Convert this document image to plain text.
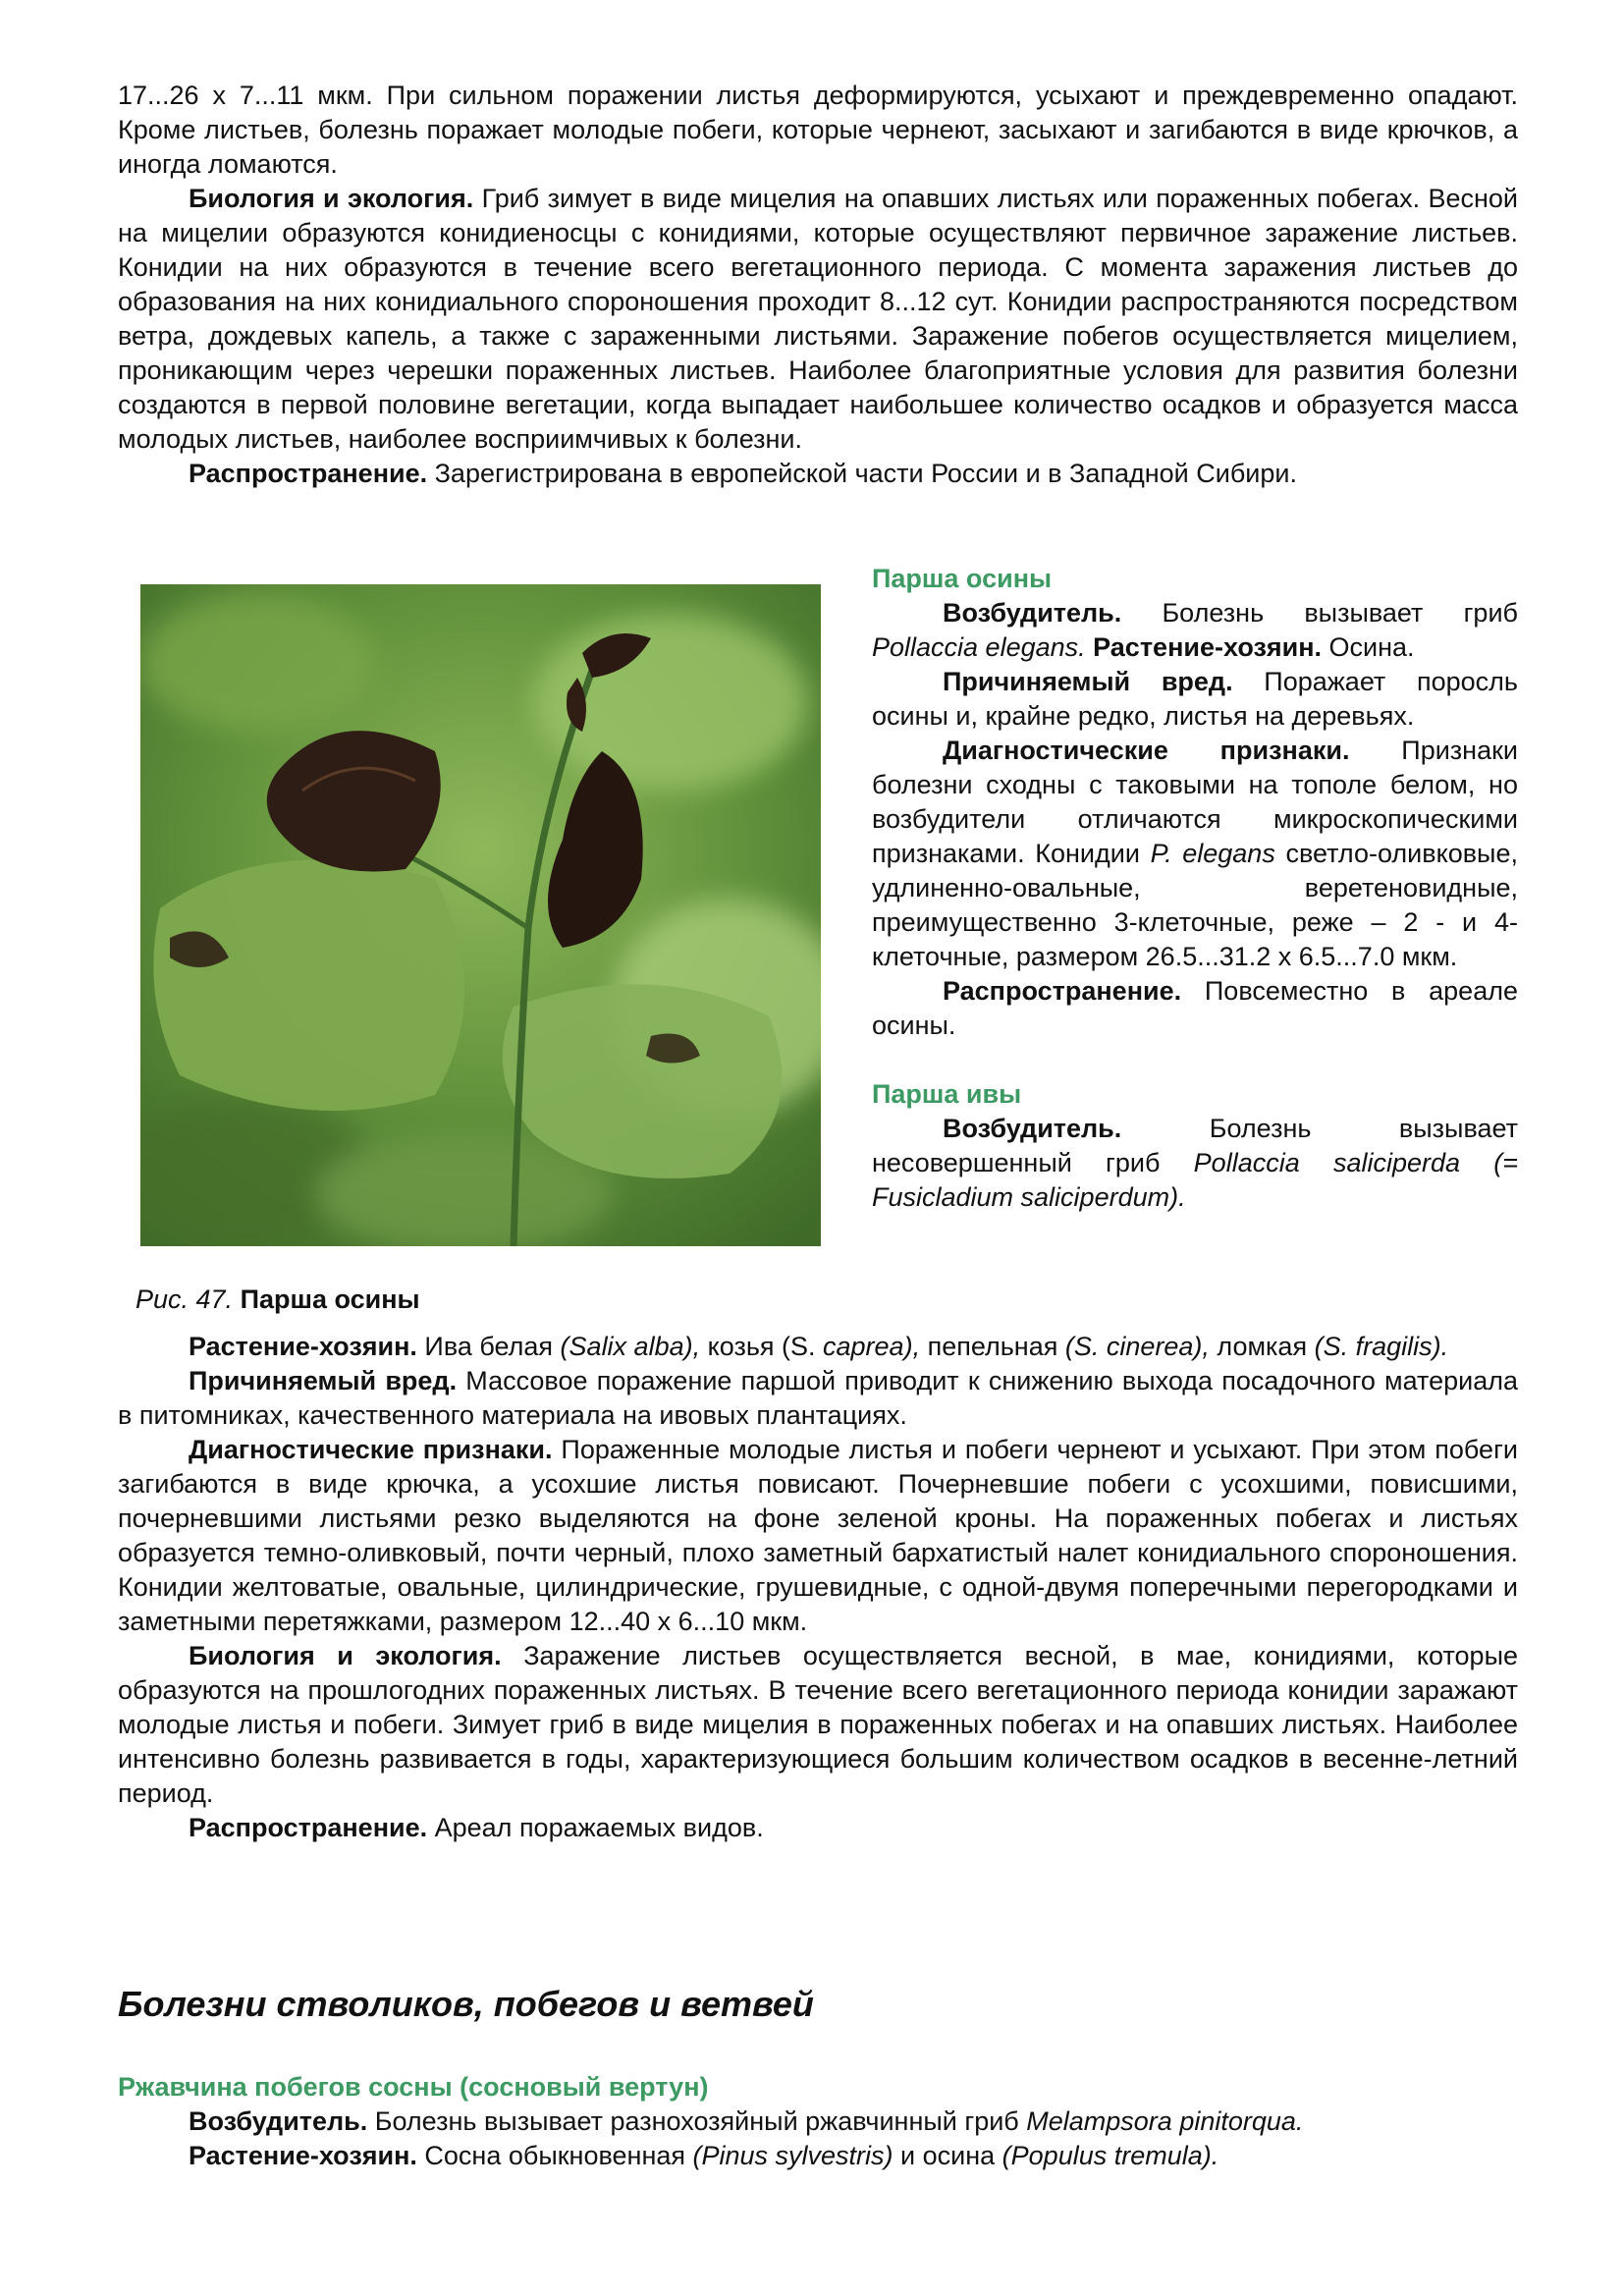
17...26 х 7...11 мкм. При сильном поражении листья деформируются, усыхают и преждевременно опадают. Кроме листьев, болезнь поражает молодые побеги, которые чернеют, засыхают и загибаются в виде крючков, а иногда ломаются.

Биология и экология. Гриб зимует в виде мицелия на опавших листьях или пораженных побегах. Весной на мицелии образуются конидиеносцы с конидиями, которые осуществляют первичное заражение листьев. Конидии на них образуются в течение всего вегетационного периода. С момента заражения листьев до образования на них конидиального спороношения проходит 8...12 сут. Конидии распространяются посредством ветра, дождевых капель, а также с зараженными листьями. Заражение побегов осуществляется мицелием, проникающим через черешки пораженных листьев. Наиболее благоприятные условия для развития болезни создаются в первой половине вегетации, когда выпадает наибольшее количество осадков и образуется масса молодых листьев, наиболее восприимчивых к болезни.

Распространение. Зарегистрирована в европейской части России и в Западной Сибири.

Рис. 47. Парша осины

Парша осины

Возбудитель. Болезнь вызывает гриб Pollaccia elegans. Растение-хозяин. Осина.

Причиняемый вред. Поражает поросль осины и, крайне редко, листья на деревьях.

Диагностические признаки. Признаки болезни сходны с таковыми на тополе белом, но возбудители отличаются микроскопическими признаками. Конидии P. elegans светло-оливковые, удлиненно-овальные, веретеновидные, преимущественно 3-клеточные, реже – 2 - и 4-клеточные, размером 26.5...31.2 х 6.5...7.0 мкм.

Распространение. Повсеместно в ареале осины.

Парша ивы

Возбудитель. Болезнь вызывает несовершенный гриб Pollaccia saliciperda (= Fusicladium saliciperdum).

Растение-хозяин. Ива белая (Salix alba), козья (S. caprea), пепельная (S. cinerea), ломкая (S. fragilis).

Причиняемый вред. Массовое поражение паршой приводит к снижению выхода посадочного материала в питомниках, качественного материала на ивовых плантациях.

Диагностические признаки. Пораженные молодые листья и побеги чернеют и усыхают. При этом побеги загибаются в виде крючка, а усохшие листья повисают. Почерневшие побеги с усохшими, повисшими, почерневшими листьями резко выделяются на фоне зеленой кроны. На пораженных побегах и листьях образуется темно-оливковый, почти черный, плохо заметный бархатистый налет конидиального спороношения. Конидии желтоватые, овальные, цилиндрические, грушевидные, с одной-двумя поперечными перегородками и заметными перетяжками, размером 12...40 х 6...10 мкм.

Биология и экология. Заражение листьев осуществляется весной, в мае, конидиями, которые образуются на прошлогодних пораженных листьях. В течение всего вегетационного периода конидии заражают молодые листья и побеги. Зимует гриб в виде мицелия в пораженных побегах и на опавших листьях. Наиболее интенсивно болезнь развивается в годы, характеризующиеся большим количеством осадков в весенне-летний период.

Распространение. Ареал поражаемых видов.

Болезни стволиков, побегов и ветвей
Ржавчина побегов сосны (сосновый вертун)

Возбудитель. Болезнь вызывает разнохозяйный ржавчинный гриб Melampsora pinitorqua.

Растение-хозяин. Сосна обыкновенная (Pinus sylvestris) и осина (Populus tremula).
